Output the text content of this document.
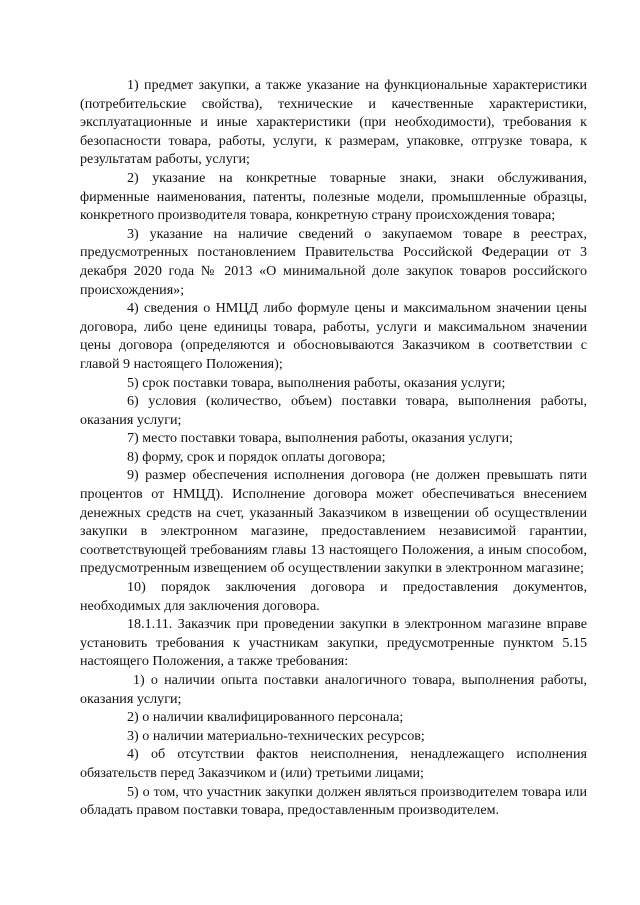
1) предмет закупки, а также указание на функциональные характеристики (потребительские свойства), технические и качественные характеристики, эксплуатационные и иные характеристики (при необходимости), требования к безопасности товара, работы, услуги, к размерам, упаковке, отгрузке товара, к результатам работы, услуги;

2) указание на конкретные товарные знаки, знаки обслуживания, фирменные наименования, патенты, полезные модели, промышленные образцы, конкретного производителя товара, конкретную страну происхождения товара;

3) указание на наличие сведений о закупаемом товаре в реестрах, предусмотренных постановлением Правительства Российской Федерации от 3 декабря 2020 года № 2013 «О минимальной доле закупок товаров российского происхождения»;

4) сведения о НМЦД либо формуле цены и максимальном значении цены договора, либо цене единицы товара, работы, услуги и максимальном значении цены договора (определяются и обосновываются Заказчиком в соответствии с главой 9 настоящего Положения);

5) срок поставки товара, выполнения работы, оказания услуги;

6) условия (количество, объем) поставки товара, выполнения работы, оказания услуги;

7) место поставки товара, выполнения работы, оказания услуги;

8) форму, срок и порядок оплаты договора;

9) размер обеспечения исполнения договора (не должен превышать пяти процентов от НМЦД). Исполнение договора может обеспечиваться внесением денежных средств на счет, указанный Заказчиком в извещении об осуществлении закупки в электронном магазине, предоставлением независимой гарантии, соответствующей требованиям главы 13 настоящего Положения, а иным способом, предусмотренным извещением об осуществлении закупки в электронном магазине;

10) порядок заключения договора и предоставления документов, необходимых для заключения договора.

18.1.11. Заказчик при проведении закупки в электронном магазине вправе установить требования к участникам закупки, предусмотренные пунктом 5.15 настоящего Положения, а также требования:

1) о наличии опыта поставки аналогичного товара, выполнения работы, оказания услуги;

2) о наличии квалифицированного персонала;

3) о наличии материально-технических ресурсов;

4) об отсутствии фактов неисполнения, ненадлежащего исполнения обязательств перед Заказчиком и (или) третьими лицами;

5) о том, что участник закупки должен являться производителем товара или обладать правом поставки товара, предоставленным производителем.
